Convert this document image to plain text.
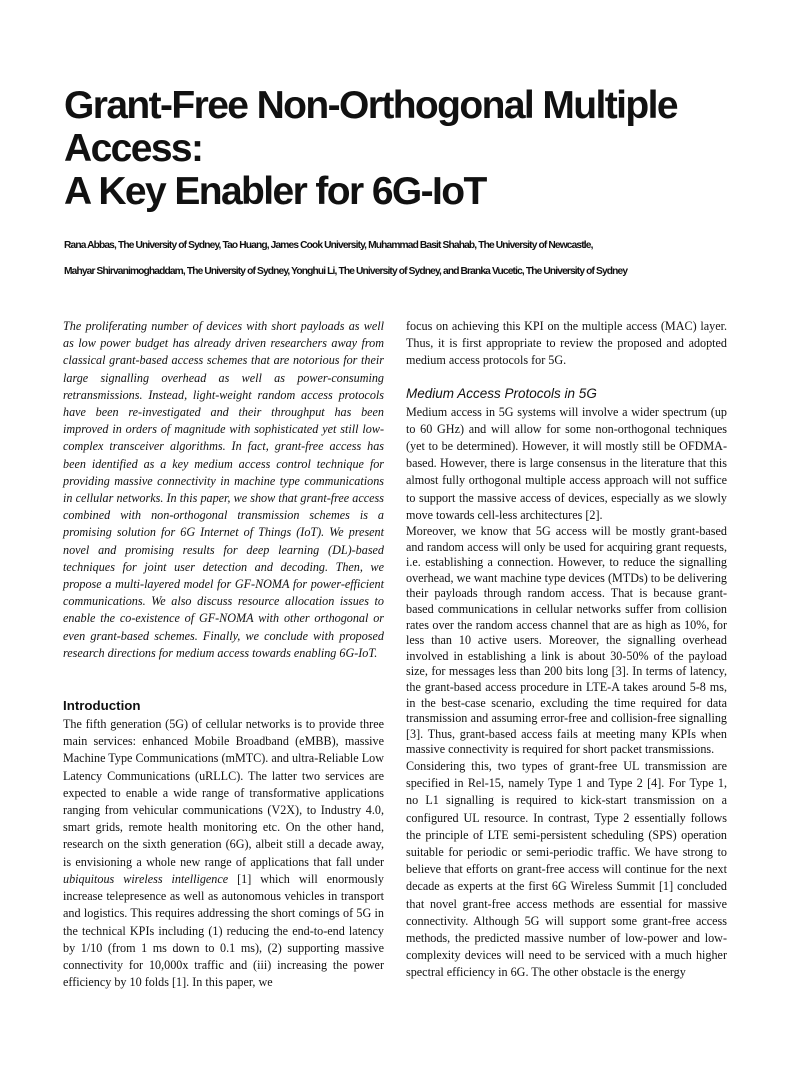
Grant-Free Non-Orthogonal Multiple
Access:
A Key Enabler for 6G-IoT
Rana Abbas, The University of Sydney, Tao Huang, James Cook University, Muhammad Basit Shahab, The University of Newcastle,
Mahyar Shirvanimoghaddam, The University of Sydney, Yonghui Li, The University of Sydney, and Branka Vucetic, The University of Sydney

The proliferating number of devices with short payloads as well as low power budget has already driven researchers away from classical grant-based access schemes that are notorious for their large signalling overhead as well as power-consuming retransmissions. Instead, light-weight random access protocols have been re-investigated and their throughput has been improved in orders of magnitude with sophisticated yet still low-complex transceiver algorithms. In fact, grant-free access has been identified as a key medium access control technique for providing massive connectivity in machine type communications in cellular networks. In this paper, we show that grant-free access combined with non-orthogonal transmission schemes is a promising solution for 6G Internet of Things (IoT). We present novel and promising results for deep learning (DL)-based techniques for joint user detection and decoding. Then, we propose a multi-layered model for GF-NOMA for power-efficient communications. We also discuss resource allocation issues to enable the co-existence of GF-NOMA with other orthogonal or even grant-based schemes. Finally, we conclude with proposed research directions for medium access towards enabling 6G-IoT.

Introduction

The fifth generation (5G) of cellular networks is to provide three main services: enhanced Mobile Broadband (eMBB), massive Machine Type Communications (mMTC). and ultra-Reliable Low Latency Communications (uRLLC). The latter two services are expected to enable a wide range of transformative applications ranging from vehicular communications (V2X), to Industry 4.0, smart grids, remote health monitoring etc. On the other hand, research on the sixth generation (6G), albeit still a decade away, is envisioning a whole new range of applications that fall under ubiquitous wireless intelligence [1] which will enormously increase telepresence as well as autonomous vehicles in transport and logistics. This requires addressing the short comings of 5G in the technical KPIs including (1) reducing the end-to-end latency by 1/10 (from 1 ms down to 0.1 ms), (2) supporting massive connectivity for 10,000x traffic and (iii) increasing the power efficiency by 10 folds [1]. In this paper, we

focus on achieving this KPI on the multiple access (MAC) layer. Thus, it is first appropriate to review the proposed and adopted medium access protocols for 5G.

Medium Access Protocols in 5G

Medium access in 5G systems will involve a wider spectrum (up to 60 GHz) and will allow for some non-orthogonal techniques (yet to be determined). However, it will mostly still be OFDMA-based. However, there is large consensus in the literature that this almost fully orthogonal multiple access approach will not suffice to support the massive access of devices, especially as we slowly move towards cell-less architectures [2].

Moreover, we know that 5G access will be mostly grant-based and random access will only be used for acquiring grant requests, i.e. establishing a connection. However, to reduce the signalling overhead, we want machine type devices (MTDs) to be delivering their payloads through random access. That is because grant-based communications in cellular networks suffer from collision rates over the random access channel that are as high as 10%, for less than 10 active users. Moreover, the signalling overhead involved in establishing a link is about 30-50% of the payload size, for messages less than 200 bits long [3]. In terms of latency, the grant-based access procedure in LTE-A takes around 5-8 ms, in the best-case scenario, excluding the time required for data transmission and assuming error-free and collision-free signalling [3]. Thus, grant-based access fails at meeting many KPIs when massive connectivity is required for short packet transmissions.

Considering this, two types of grant-free UL transmission are specified in Rel-15, namely Type 1 and Type 2 [4]. For Type 1, no L1 signalling is required to kick-start transmission on a configured UL resource. In contrast, Type 2 essentially follows the principle of LTE semi-persistent scheduling (SPS) operation suitable for periodic or semi-periodic traffic. We have strong to believe that efforts on grant-free access will continue for the next decade as experts at the first 6G Wireless Summit [1] concluded that novel grant-free access methods are essential for massive connectivity. Although 5G will support some grant-free access methods, the predicted massive number of low-power and low-complexity devices will need to be serviced with a much higher spectral efficiency in 6G. The other obstacle is the energy
